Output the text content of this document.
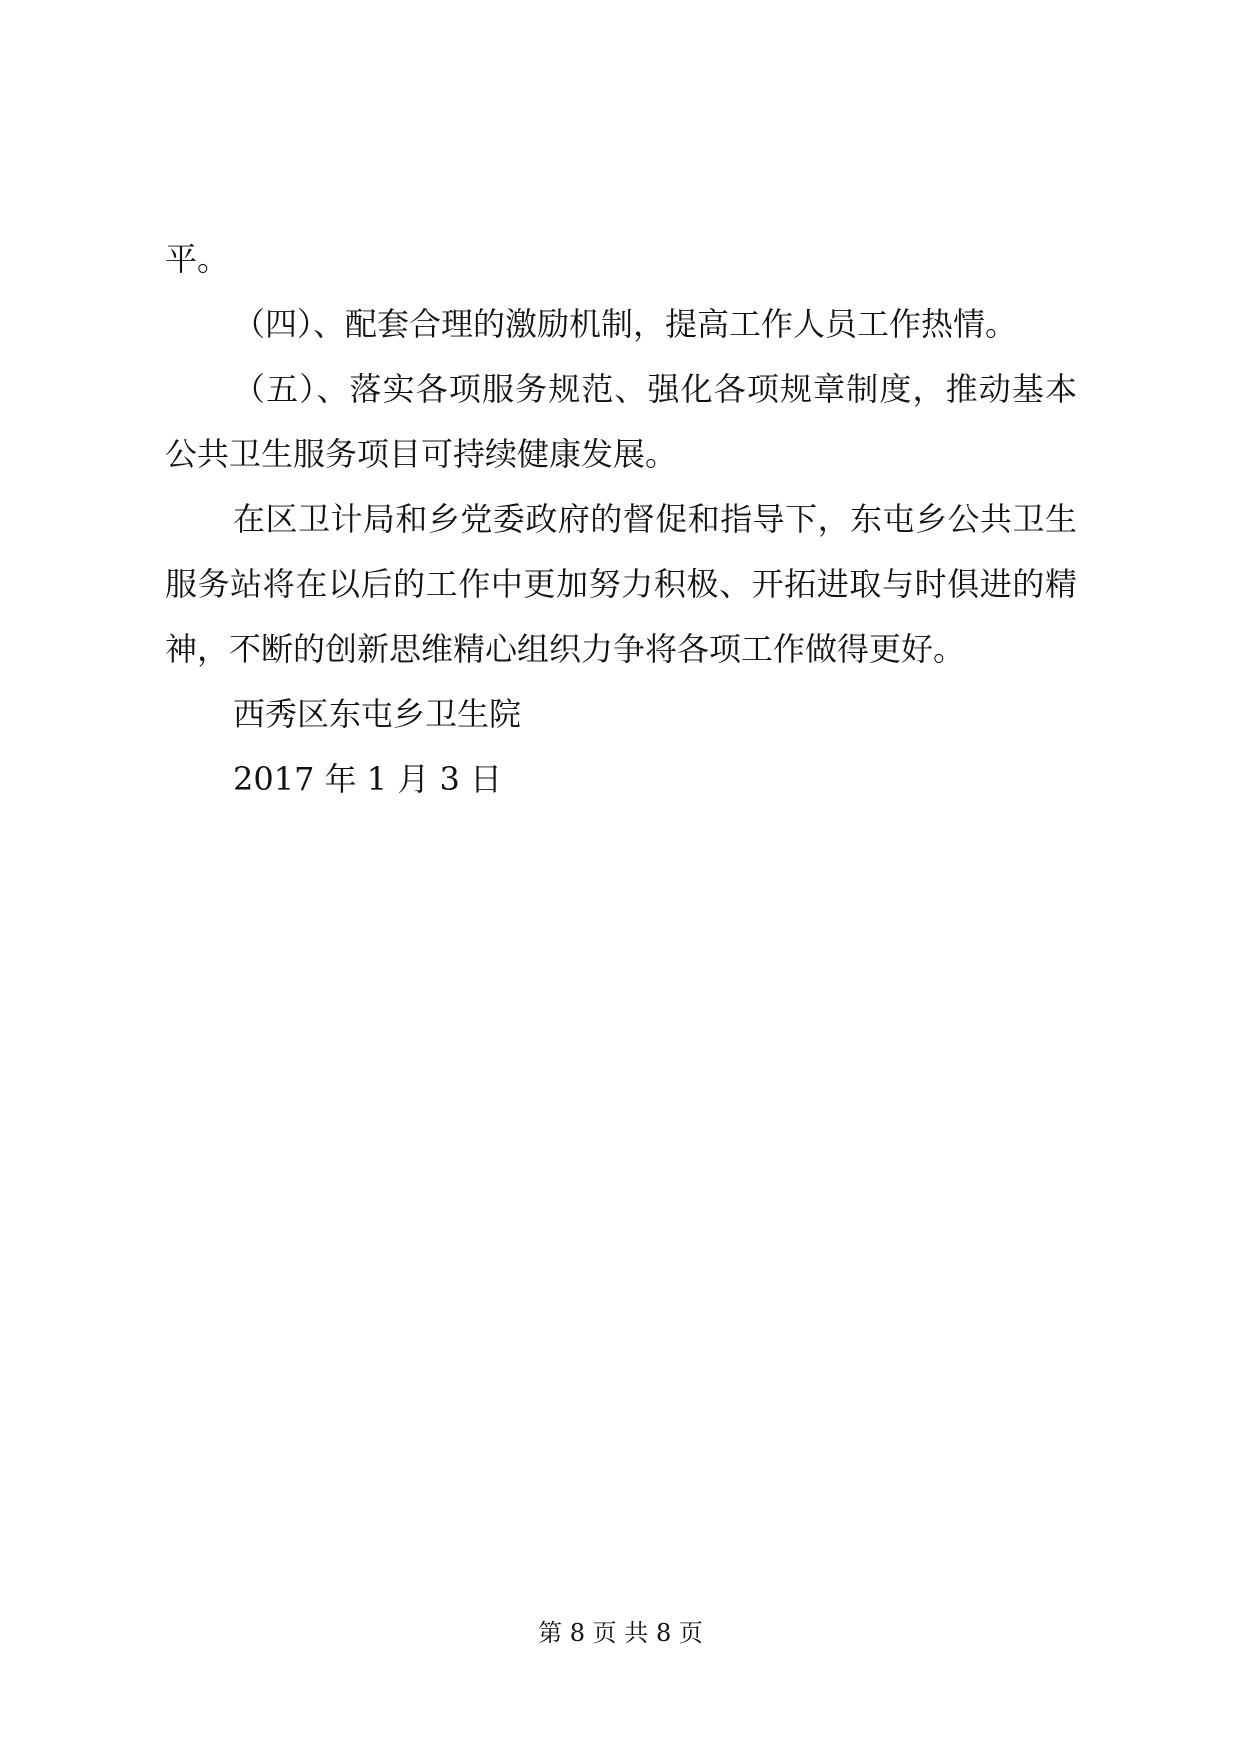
平。
（四）、配套合理的激励机制，提高工作人员工作热情。
（五）、落实各项服务规范、强化各项规章制度，推动基本
公共卫生服务项目可持续健康发展。
在区卫计局和乡党委政府的督促和指导下，东屯乡公共卫生
服务站将在以后的工作中更加努力积极、开拓进取与时俱进的精
神，不断的创新思维精心组织力争将各项工作做得更好。
西秀区东屯乡卫生院
2017 年 1 月 3 日
第 8 页 共 8 页
